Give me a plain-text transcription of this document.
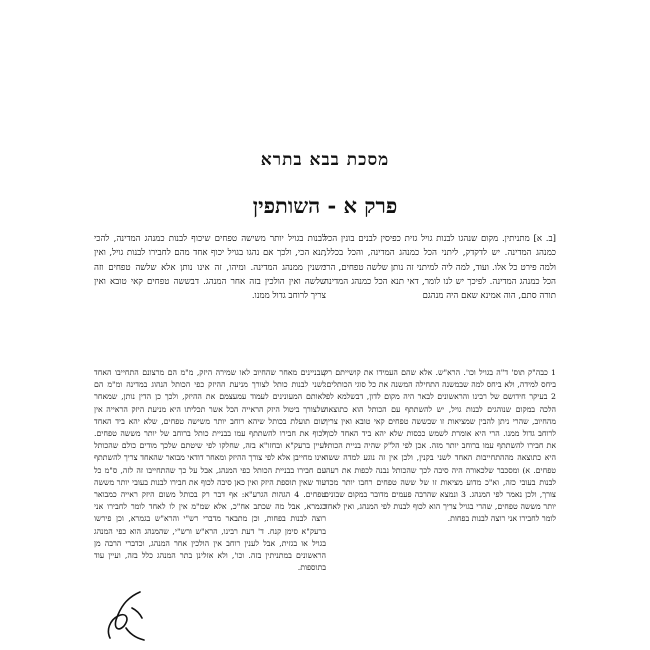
מסכת בבא בתרא
פרק א - השותפין
[ב. א] מתניתין. מקום שנהגו לבנות גויל גזית כפיסין לבנים בונין הכל כמנהג המדינה. יש לדקדק, ליתני הכל כמנהג המדינה, והכל בכלל, ולמה פירט כל אלו. ועוד, למה ליה למיתני זה נותן שלשה טפחים, הרי הכל כמנהג המדינה. לפיכך יש לנו לומר, דאי תנא הכל כמנהג המדינה תורה סתם, הוה אמינא שאם היה מנהגם
לבנות בגויל יותר משישה טפחים שיכוף לבנות כמנהג המדינה, להכי תנא הכי, ולכך אם נהגו בגויל יכוף אחד מהם לחבירו לבנות גויל, ואין משנין ממנהג המדינה. ומיהו, זה אינו נותן אלא שלשה טפחים וזה שלשה ואין הולכין בזה אחר המנהג. דבששה טפחים קאי טובא ואין צריך לרוחב גדול ממנו.
1 כבה"ק תוס' ד"ה בגויל וכו'. הרא"ש. אלא שהם העמידו את קושייתם רק ביחס למידה, ולא ביחס למה שבמשנה התחילה המשנה את כל סוגי הכותלים. 2 בעיקר חידושם של רבינו והראשונים לבאר היה מקום לדון, דבשלמא לפי הלכה במקום שנוהגים לבנות גויל, יש להשתתף עם הכותל הוא כתוצאה מהחיוב, שהרי ניתן להבין שמציאות זו שבששה טפחים קאי טובא ואין צריך לרוחב גדול ממנו. הרי היא אומרת לשמש ככסות שלא יהא ביד האחד לכוף את חבירו להשתתף עמו ברוחב יותר מזה. אכן לפי הל"ק שהיה בניית הכותל היא כתוצאה מההתחייבות האחד לשני בקנין, ולכן אין זה נוגע למדה ששה טפחים. א) ומסכבר שלכאורה היה סיבה לכך שהכותל נבנה לכפות את רעהו לבנות בעובי כזה, וא"כ מדוע מציאות זו של ששה טפחים רחבו יותר מכדי צורך, ולכן נאמר לפי המנהג. 3 ונמצא שהרבה פעמים מדובר במקום שבונים יותר מששה טפחים, שהרי בגויל צריך הוא לכוף לבנות לפי המנהג, ואין לאחד לומר לחבירו אני רוצה לבנות בפחות.
שבניינים מאחר שהחיוב לאו שמירה היזק, מ"מ הם מרצונם התחייבו האחד לשני לבנות כותל לצורך מניעת ההיזק כפי הכותל הנהוג במדינה ומ"מ הם לאותם המעונינים לעמוד עמעצמם את ההיזק, ולכך כן הדין נותן, שמאחר שלצורך ביטול היזק הראייה הכל אשר תכליתו היא מניעת היזק הראייה אין שום תועלת בכותל שיהא רוחב יותר משישה טפחים, שלא יהא ביד האחד לכוף את חבירו להשתתף עמו בבניית כותל ברוחב של יותר מששה טפחים. ועיין ברעק"א ובחזו"א בזה, שחלקו לפי שיטתם שלכך מודים כולם שהכותל אינו מחייבן אלא לפי צורך ההיזק ומאחר דודאי מבואר שהאחד צריך להשתתף עם חבירו בבניית הכותל כפי המנהג, אבל על כך שהתחייבו זה לזה, ס"מ כל עוד שאין תוספת היזק ואין כאן סיבה לכוף את חבירו לבנות בעובי יותר מששה טפחים. 4 הגהות הגרע"א: אף דבר רק בכותל משום היזק ראייה כמבואר בגמרא, אבל מה שכתב אח"כ, אלא שמ"מ אין לו לאחד לומר לחבירו אני רוצה לבנות בפחות, וכן מתבאר מדברי רש"י והרא"ש בגמרא, וכן פירשו ברעק"א סימן קנח. ד' דעת רבינו, הרא"ש ורש"י, שהמנהג הוא כפי המנהג בגויל או בגזית, אבל לענין רוחב אין הולכין אחר המנהג, וכדברי הרבה מן הראשונים במתניתין בזה. וכו', ולא אזלינן בתר המנהג כלל בזה, ועיין עוד בתוספות.
